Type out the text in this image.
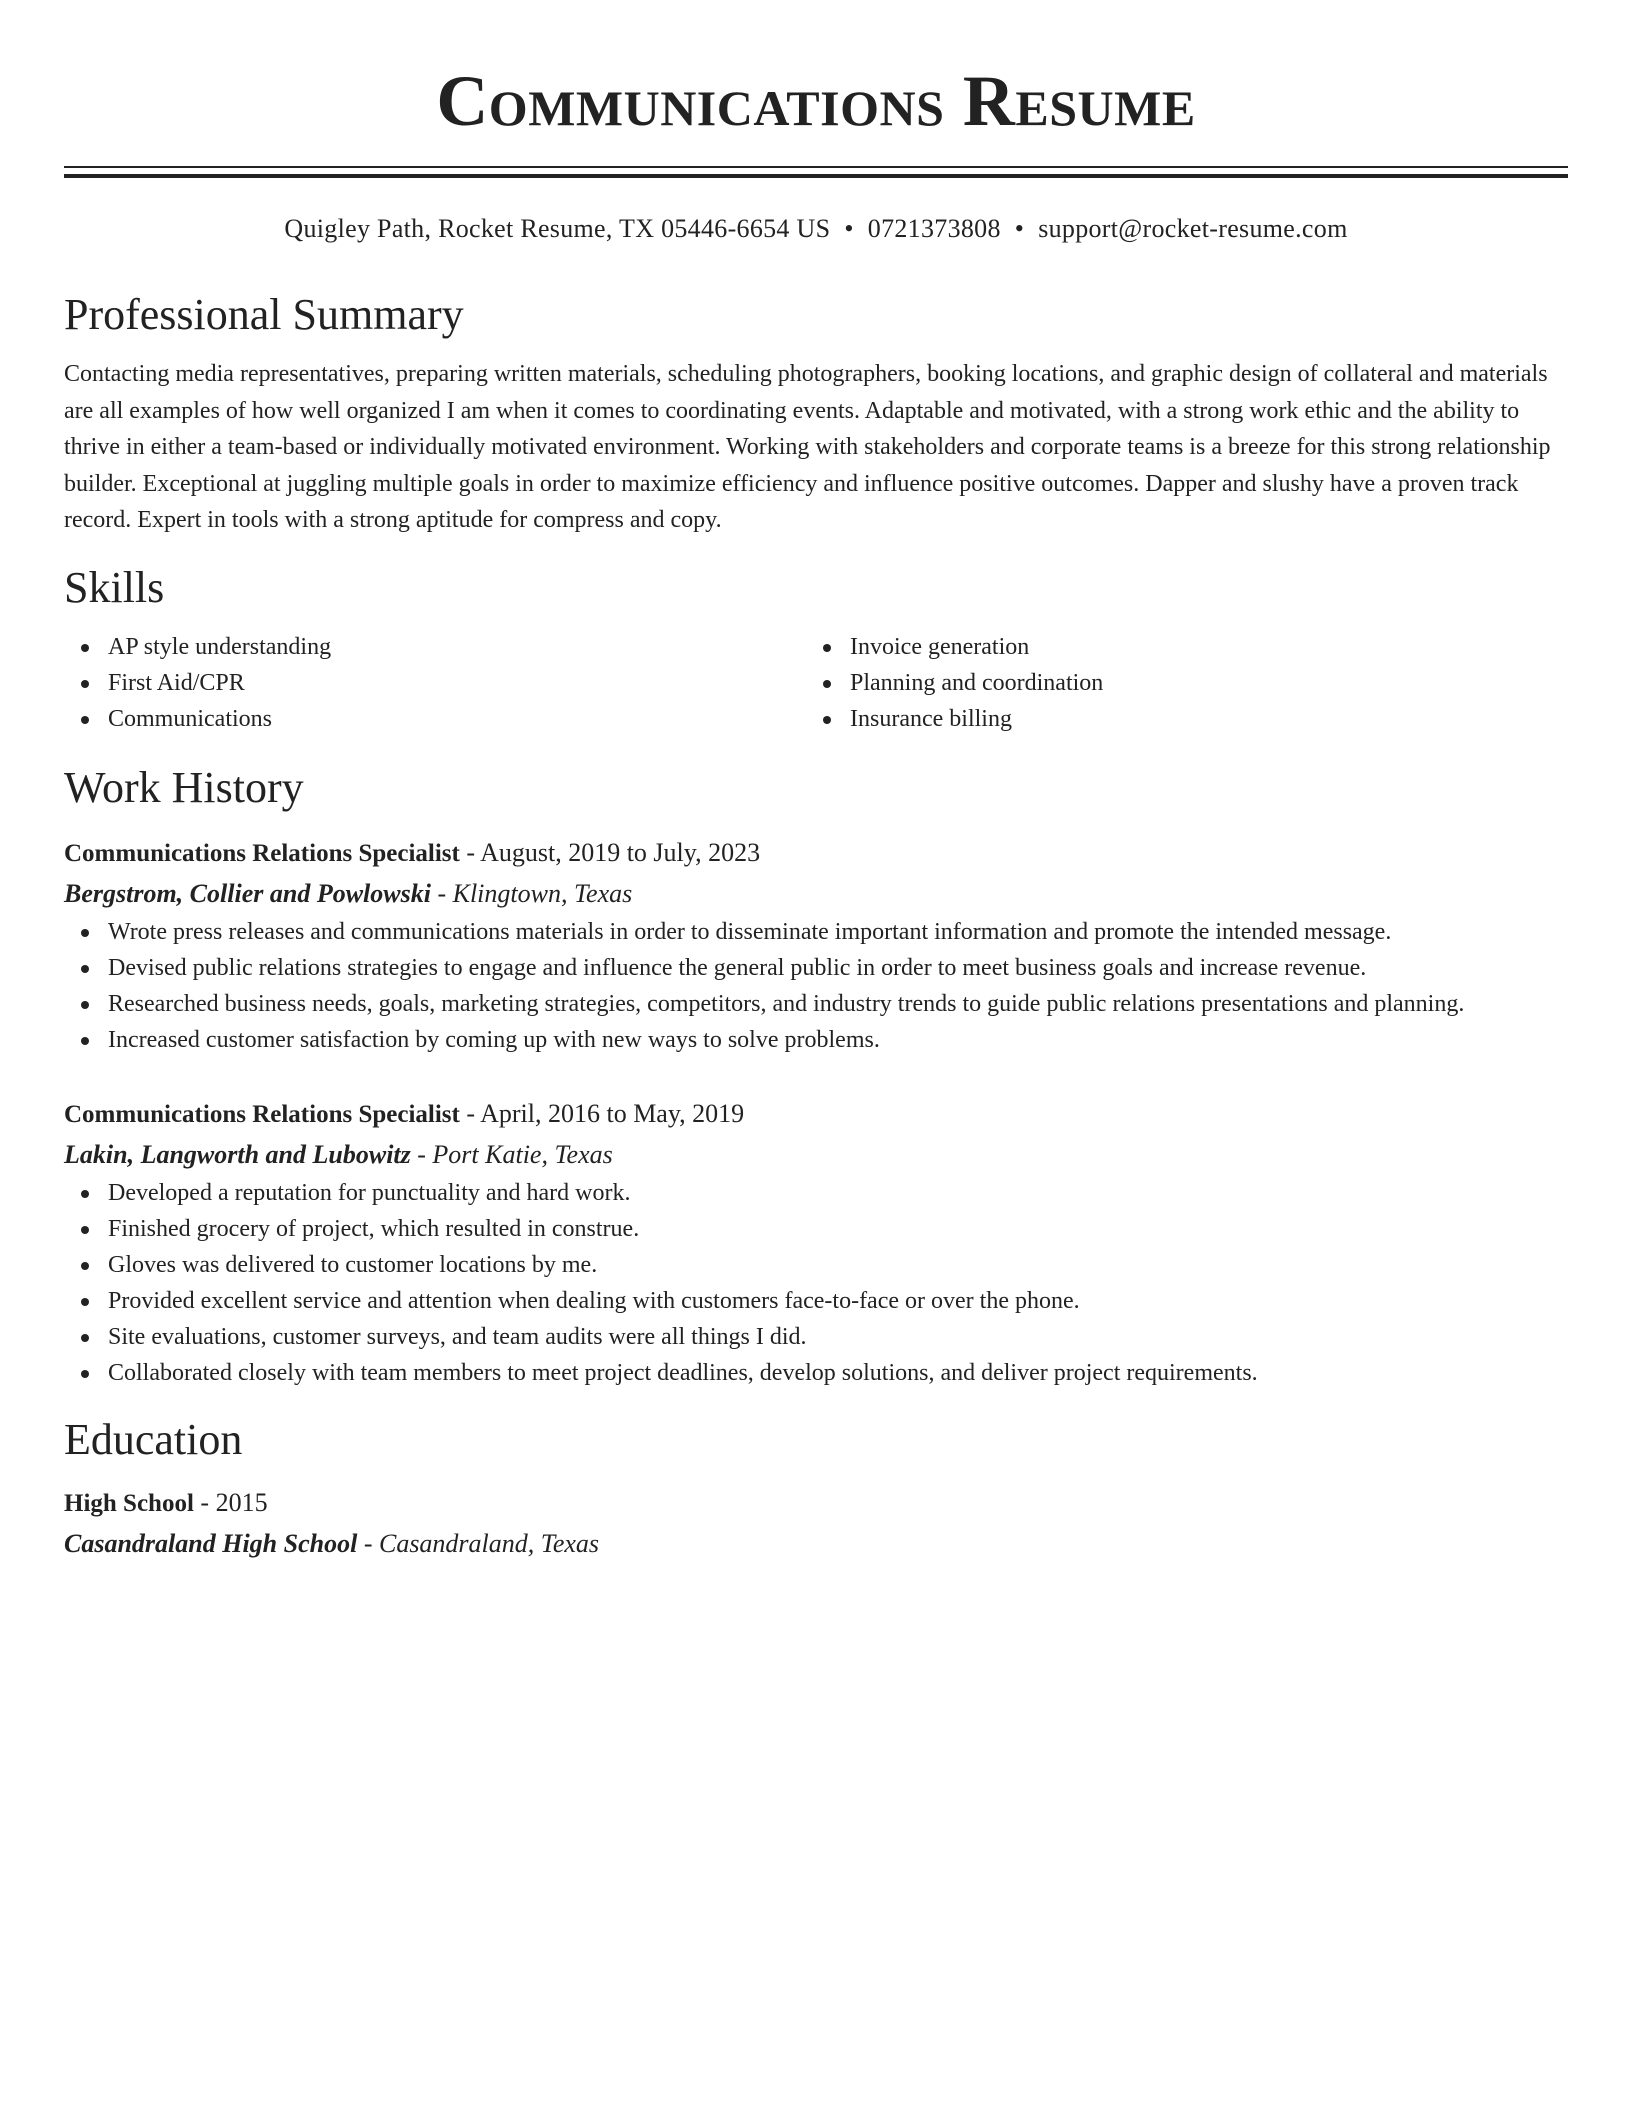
Communications Resume
Quigley Path, Rocket Resume, TX 05446-6654 US • 0721373808 • support@rocket-resume.com
Professional Summary
Contacting media representatives, preparing written materials, scheduling photographers, booking locations, and graphic design of collateral and materials are all examples of how well organized I am when it comes to coordinating events. Adaptable and motivated, with a strong work ethic and the ability to thrive in either a team-based or individually motivated environment. Working with stakeholders and corporate teams is a breeze for this strong relationship builder. Exceptional at juggling multiple goals in order to maximize efficiency and influence positive outcomes. Dapper and slushy have a proven track record. Expert in tools with a strong aptitude for compress and copy.
Skills
AP style understanding
First Aid/CPR
Communications
Invoice generation
Planning and coordination
Insurance billing
Work History
Communications Relations Specialist - August, 2019 to July, 2023
Bergstrom, Collier and Powlowski - Klingtown, Texas
Wrote press releases and communications materials in order to disseminate important information and promote the intended message.
Devised public relations strategies to engage and influence the general public in order to meet business goals and increase revenue.
Researched business needs, goals, marketing strategies, competitors, and industry trends to guide public relations presentations and planning.
Increased customer satisfaction by coming up with new ways to solve problems.
Communications Relations Specialist - April, 2016 to May, 2019
Lakin, Langworth and Lubowitz - Port Katie, Texas
Developed a reputation for punctuality and hard work.
Finished grocery of project, which resulted in construe.
Gloves was delivered to customer locations by me.
Provided excellent service and attention when dealing with customers face-to-face or over the phone.
Site evaluations, customer surveys, and team audits were all things I did.
Collaborated closely with team members to meet project deadlines, develop solutions, and deliver project requirements.
Education
High School - 2015
Casandraland High School - Casandraland, Texas
